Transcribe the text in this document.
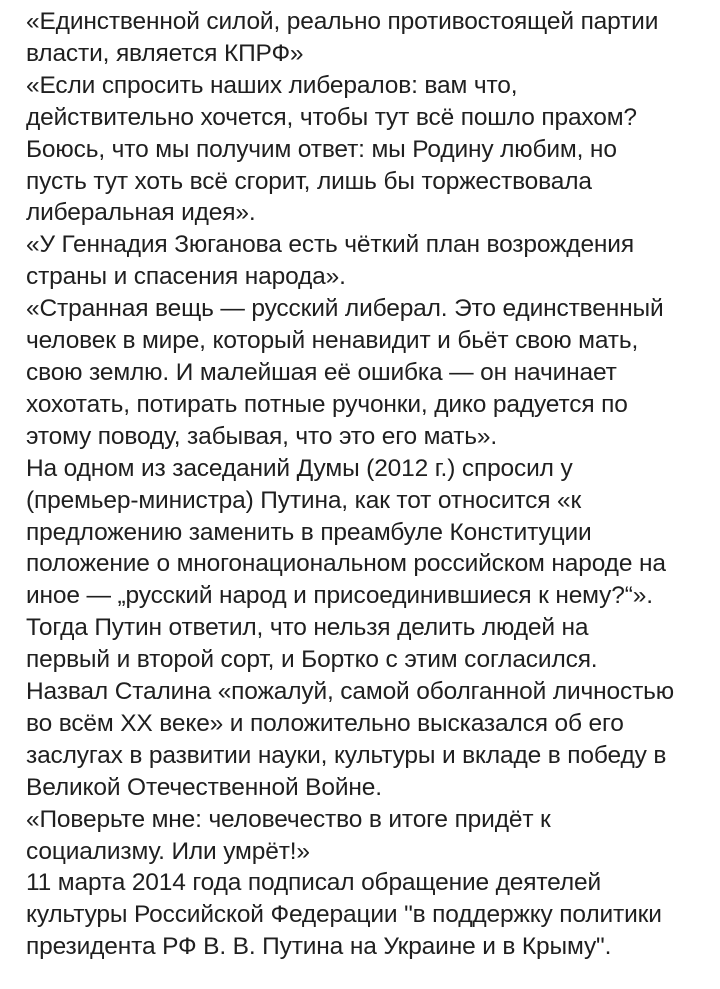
«Единственной силой, реально противостоящей партии
власти, является КПРФ»

«Если спросить наших либералов: вам что,
действительно хочется, чтобы тут всё пошло прахом?
Боюсь, что мы получим ответ: мы Родину любим, но
пусть тут хоть всё сгорит, лишь бы торжествовала
либеральная идея».

«У Геннадия Зюганова есть чёткий план возрождения
страны и спасения народа».

«Странная вещь — русский либерал. Это единственный
человек в мире, который ненавидит и бьёт свою мать,
свою землю. И малейшая её ошибка — он начинает
хохотать, потирать потные ручонки, дико радуется по
этому поводу, забывая, что это его мать».

На одном из заседаний Думы (2012 г.) спросил у
(премьер-министра) Путина, как тот относится «к
предложению заменить в преамбуле Конституции
положение о многонациональном российском народе на
иное — „русский народ и присоединившиеся к нему?“».
Тогда Путин ответил, что нельзя делить людей на
первый и второй сорт, и Бортко с этим согласился.

Назвал Сталина «пожалуй, самой оболганной личностью
во всём XX веке» и положительно высказался об его
заслугах в развитии науки, культуры и вкладе в победу в
Великой Отечественной Войне.

«Поверьте мне: человечество в итоге придёт к
социализму. Или умрёт!»

11 марта 2014 года подписал обращение деятелей
культуры Российской Федерации "в поддержку политики
президента РФ В. В. Путина на Украине и в Крыму".
